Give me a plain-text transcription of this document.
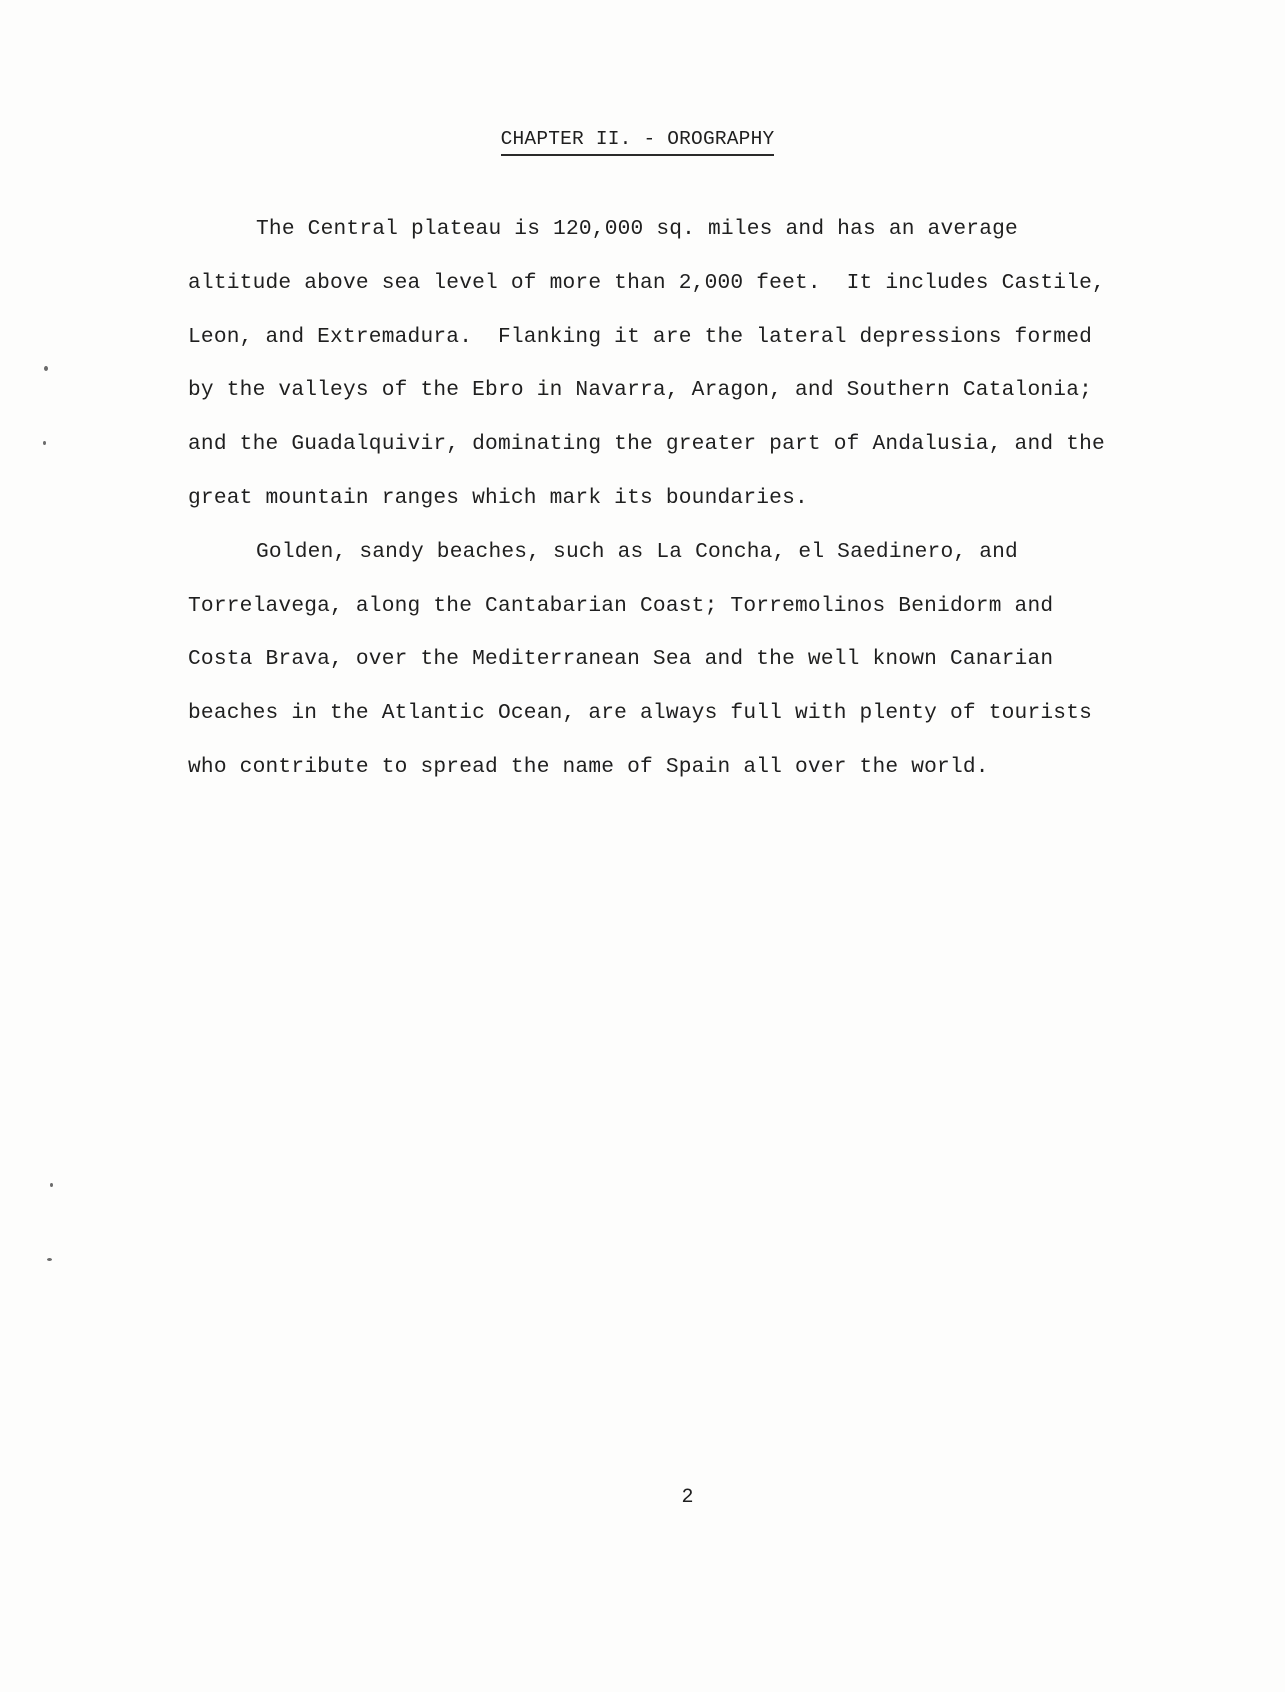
CHAPTER II. - OROGRAPHY
The Central plateau is 120,000 sq. miles and has an average
altitude above sea level of more than 2,000 feet.  It includes Castile,
Leon, and Extremadura.  Flanking it are the lateral depressions formed
by the valleys of the Ebro in Navarra, Aragon, and Southern Catalonia;
and the Guadalquivir, dominating the greater part of Andalusia, and the
great mountain ranges which mark its boundaries.
Golden, sandy beaches, such as La Concha, el Saedinero, and
Torrelavega, along the Cantabarian Coast; Torremolinos Benidorm and
Costa Brava, over the Mediterranean Sea and the well known Canarian
beaches in the Atlantic Ocean, are always full with plenty of tourists
who contribute to spread the name of Spain all over the world.
2
